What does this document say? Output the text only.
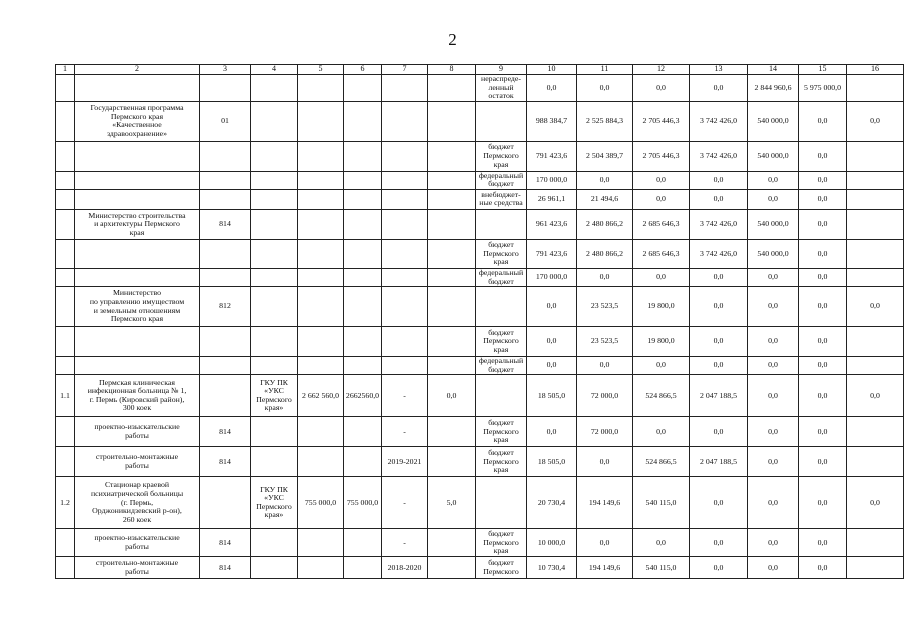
2
1	2	3	4	5	6	7	8	9	10	11	12	13	14	15	16
								нераспреде-
ленный остаток	0,0	0,0	0,0	0,0	2 844 960,6	5 975 000,0	
	Государственная программа
Пермского края
«Качественное
здравоохранение»	01							988 384,7	2 525 884,3	2 705 446,3	3 742 426,0	540 000,0	0,0	0,0
								бюджет
Пермского
края	791 423,6	2 504 389,7	2 705 446,3	3 742 426,0	540 000,0	0,0	
								федеральный
бюджет	170 000,0	0,0	0,0	0,0	0,0	0,0	
								внебюджет-
ные средства	26 961,1	21 494,6	0,0	0,0	0,0	0,0	
	Министерство строительства
и архитектуры Пермского
края	814							961 423,6	2 480 866,2	2 685 646,3	3 742 426,0	540 000,0	0,0	
								бюджет
Пермского
края	791 423,6	2 480 866,2	2 685 646,3	3 742 426,0	540 000,0	0,0	
								федеральный
бюджет	170 000,0	0,0	0,0	0,0	0,0	0,0	
	Министерство
по управлению имуществом
и земельным отношениям
Пермского края	812							0,0	23 523,5	19 800,0	0,0	0,0	0,0	0,0
								бюджет
Пермского
края	0,0	23 523,5	19 800,0	0,0	0,0	0,0	
								федеральный
бюджет	0,0	0,0	0,0	0,0	0,0	0,0	
1.1	Пермская клиническая
инфекционная больница № 1,
г. Пермь (Кировский район),
300 коек		ГКУ ПК
«УКС
Пермского
края»	2 662 560,0	2662560,0	-	0,0		18 505,0	72 000,0	524 866,5	2 047 188,5	0,0	0,0	0,0
	проектно-изыскательские
работы	814				-		бюджет
Пермского
края	0,0	72 000,0	0,0	0,0	0,0	0,0	
	строительно-монтажные
работы	814				2019-2021		бюджет
Пермского
края	18 505,0	0,0	524 866,5	2 047 188,5	0,0	0,0	
1.2	Стационар краевой
психиатрической больницы
(г. Пермь,
Орджоникидзевский р-он),
260 коек		ГКУ ПК
«УКС
Пермского
края»	755 000,0	755 000,0	-	5,0		20 730,4	194 149,6	540 115,0	0,0	0,0	0,0	0,0
	проектно-изыскательские
работы	814				-		бюджет
Пермского
края	10 000,0	0,0	0,0	0,0	0,0	0,0	
	строительно-монтажные
работы	814				2018-2020		бюджет
Пермского	10 730,4	194 149,6	540 115,0	0,0	0,0	0,0	
